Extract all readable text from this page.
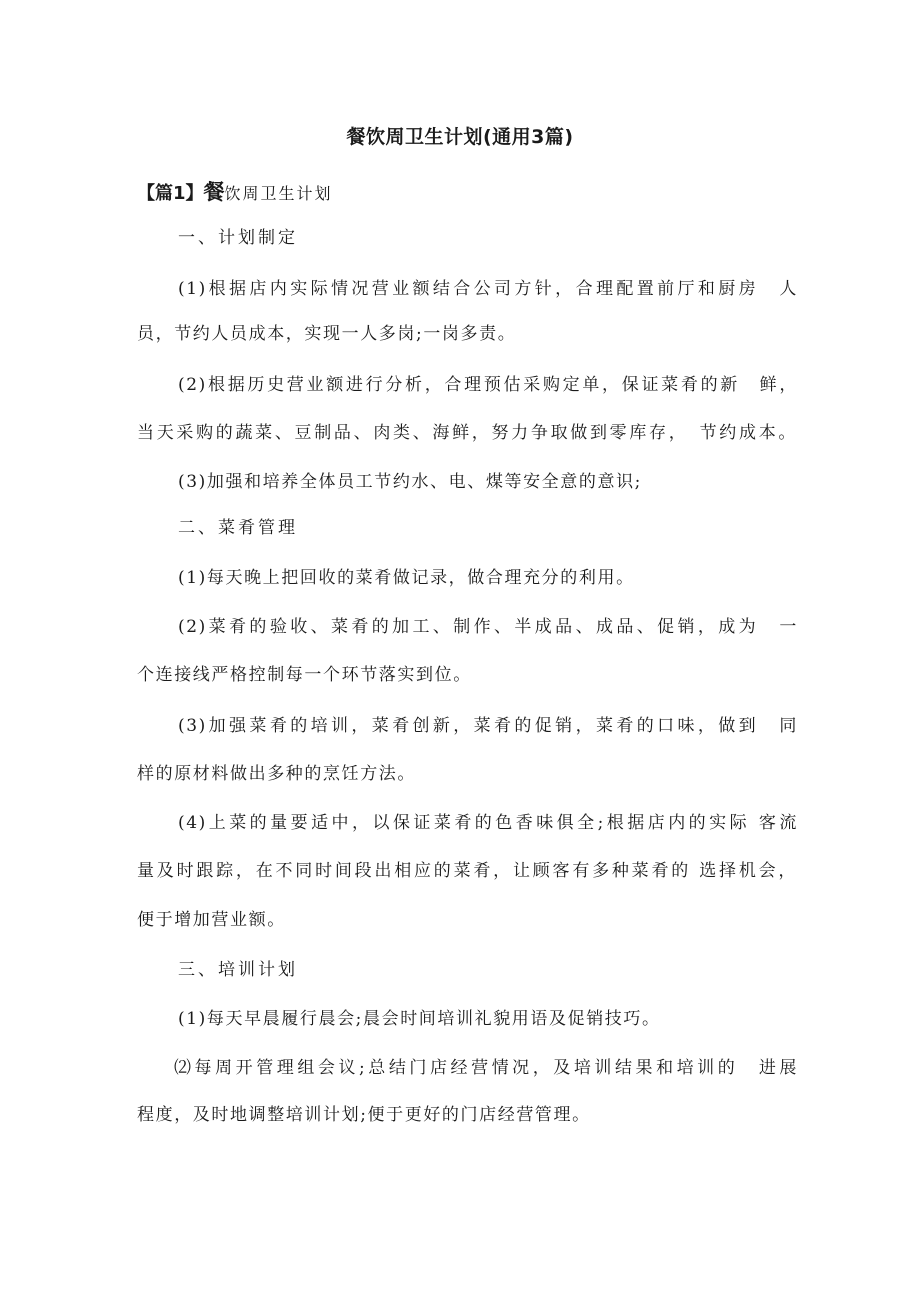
餐饮周卫生计划(通用3篇)
【篇1】餐饮周卫生计划
一、计划制定
(1)根据店内实际情况营业额结合公司方针，合理配置前厅和厨房　人
员，节约人员成本，实现一人多岗;一岗多责。
(2)根据历史营业额进行分析，合理预估采购定单，保证菜肴的新　鲜，
当天采购的蔬菜、豆制品、肉类、海鲜，努力争取做到零库存，　节约成本。
(3)加强和培养全体员工节约水、电、煤等安全意的意识;
二、菜肴管理
(1)每天晚上把回收的菜肴做记录，做合理充分的利用。
(2)菜肴的验收、菜肴的加工、制作、半成品、成品、促销，成为　一
个连接线严格控制每一个环节落实到位。
(3)加强菜肴的培训，菜肴创新，菜肴的促销，菜肴的口味，做到　同
样的原材料做出多种的烹饪方法。
(4)上菜的量要适中，以保证菜肴的色香味俱全;根据店内的实际 客流
量及时跟踪，在不同时间段出相应的菜肴，让顾客有多种菜肴的 选择机会，
便于增加营业额。
三、培训计划
(1)每天早晨履行晨会;晨会时间培训礼貌用语及促销技巧。
⑵每周开管理组会议;总结门店经营情况，及培训结果和培训的　进展
程度，及时地调整培训计划;便于更好的门店经营管理。
